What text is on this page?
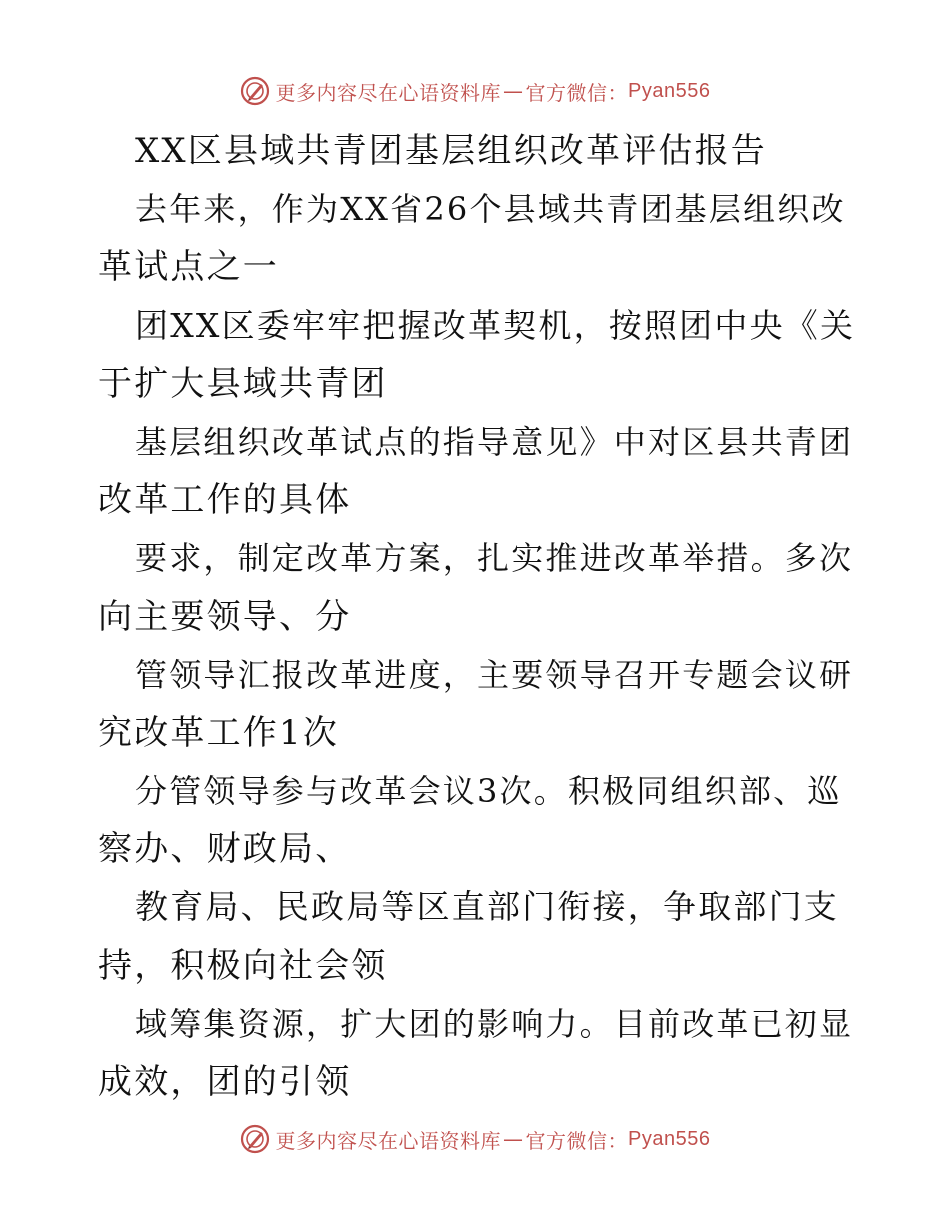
更多内容尽在心语资料库 — 官方微信： Pyan556
XX区县域共青团基层组织改革评估报告
去年来，作为XX省26个县域共青团基层组织改
革试点之一
团XX区委牢牢把握改革契机，按照团中央《关
于扩大县域共青团
基层组织改革试点的指导意见》中对区县共青团
改革工作的具体
要求，制定改革方案，扎实推进改革举措。多次
向主要领导、分
管领导汇报改革进度，主要领导召开专题会议研
究改革工作1次
分管领导参与改革会议3次。积极同组织部、巡
察办、财政局、
教育局、民政局等区直部门衔接，争取部门支
持，积极向社会领
域筹集资源，扩大团的影响力。目前改革已初显
成效，团的引领
更多内容尽在心语资料库 — 官方微信： Pyan556
